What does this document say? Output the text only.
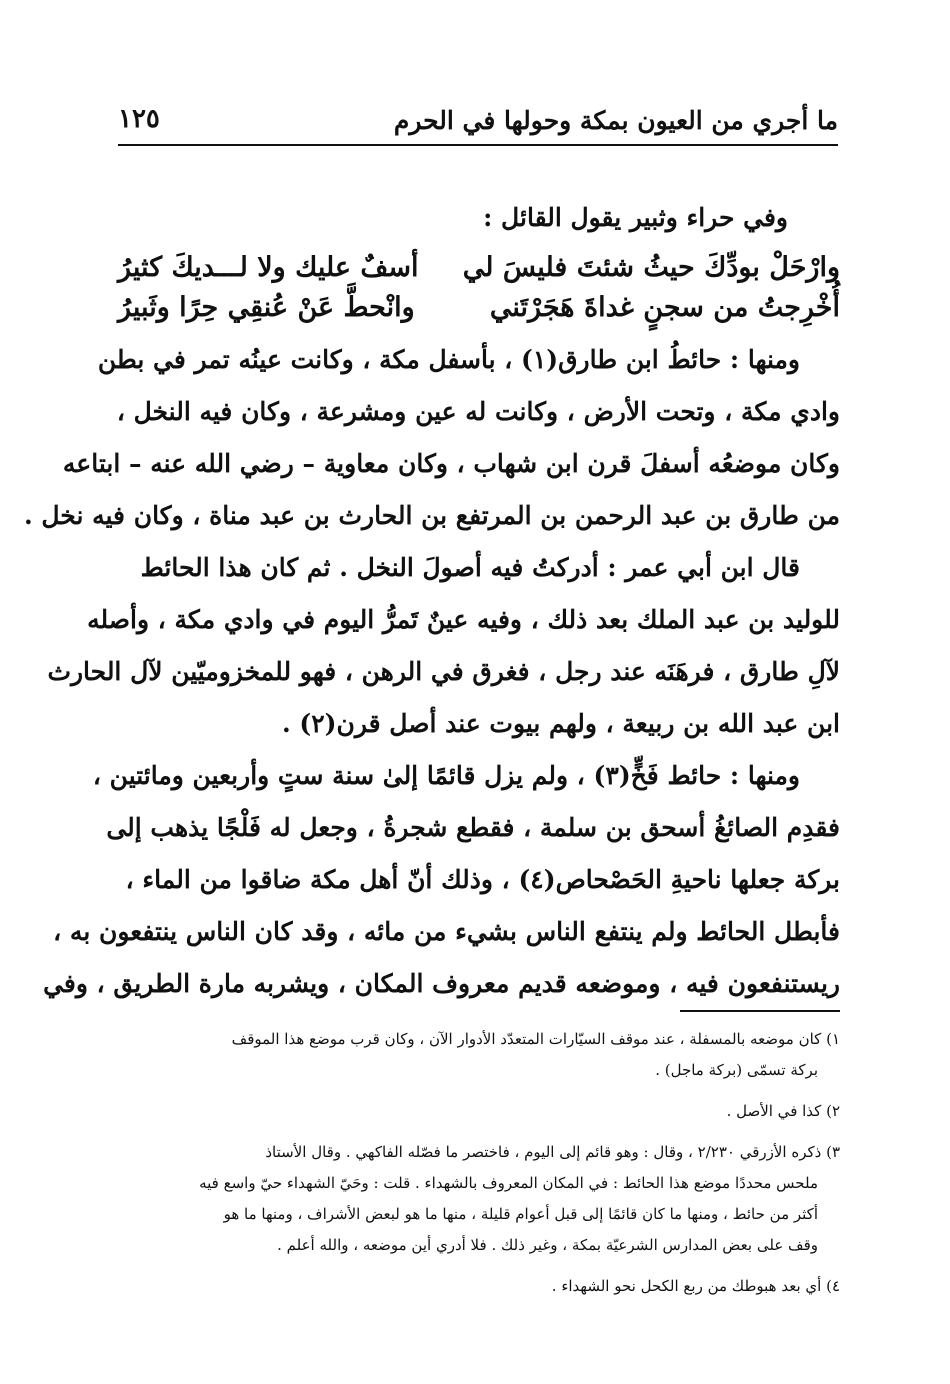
ما أجري من العيون بمكة وحولها في الحرم
١٢٥
وفي حراء وثبير يقول القائل :
وارْحَلْ بودِّكَ حيثُ شئتَ فليسَ لي
أسفٌ عليك ولا لـــديكَ كثيرُ
أُخْرِجتُ من سجنٍ غداةَ هَجَرْتَني
وانْحطَّ عَنْ عُنقِي حِرًا وثَبيرُ
ومنها : حائطُ ابن طارق(١) ، بأسفل مكة ، وكانت عينُه تمر في بطن
وادي مكة ، وتحت الأرض ، وكانت له عين ومشرعة ، وكان فيه النخل ،
وكان موضعُه أسفلَ قرن ابن شهاب ، وكان معاوية – رضي الله عنه – ابتاعه
من طارق بن عبد الرحمن بن المرتفع بن الحارث بن عبد مناة ، وكان فيه نخل .
قال ابن أبي عمر : أدركتُ فيه أصولَ النخل . ثم كان هذا الحائط
للوليد بن عبد الملك بعد ذلك ، وفيه عينٌ تَمرُّ اليوم في وادي مكة ، وأصله
لآلِ طارق ، فرهَنَه عند رجل ، فغرق في الرهن ، فهو للمخزوميّين لآل الحارث
ابن عبد الله بن ربيعة ، ولهم بيوت عند أصل قرن(٢) .
ومنها : حائط فَخٍّ(٣) ، ولم يزل قائمًا إلىٰ سنة ستٍ وأربعين ومائتين ،
فقدِم الصائغُ أسحق بن سلمة ، فقطع شجرةُ ، وجعل له فَلْجًا يذهب إلى
بركة جعلها ناحيةِ الحَصْحاص(٤) ، وذلك أنّ أهل مكة ضاقوا من الماء ،
فأبطل الحائط ولم ينتفع الناس بشيء من مائه ، وقد كان الناس ينتفعون به ،
ريستنفعون فيه ، وموضعه قديم معروف المكان ، ويشربه مارة الطريق ، وفي
١) كان موضعه بالمسفلة ، عند موقف السيّارات المتعدّد الأدوار الآن ، وكان قرب موضع هذا الموقف
بركة تسمّى (بركة ماجل) .
٢) كذا في الأصل .
٣) ذكره الأزرقي ٢/٢٣٠ ، وقال : وهو قائم إلى اليوم ، فاختصر ما فصّله الفاكهي . وقال الأستاذ
ملحس محددًا موضع هذا الحائط : في المكان المعروف بالشهداء . قلت : وحَيّ الشهداء حيّ واسع فيه
أكثر من حائط ، ومنها ما كان قائمًا إلى قبل أعوام قليلة ، منها ما هو لبعض الأشراف ، ومنها ما هو
وقف على بعض المدارس الشرعيّة بمكة ، وغير ذلك . فلا أدري أين موضعه ، والله أعلم .
٤) أي بعد هبوطك من ربع الكحل نحو الشهداء .
